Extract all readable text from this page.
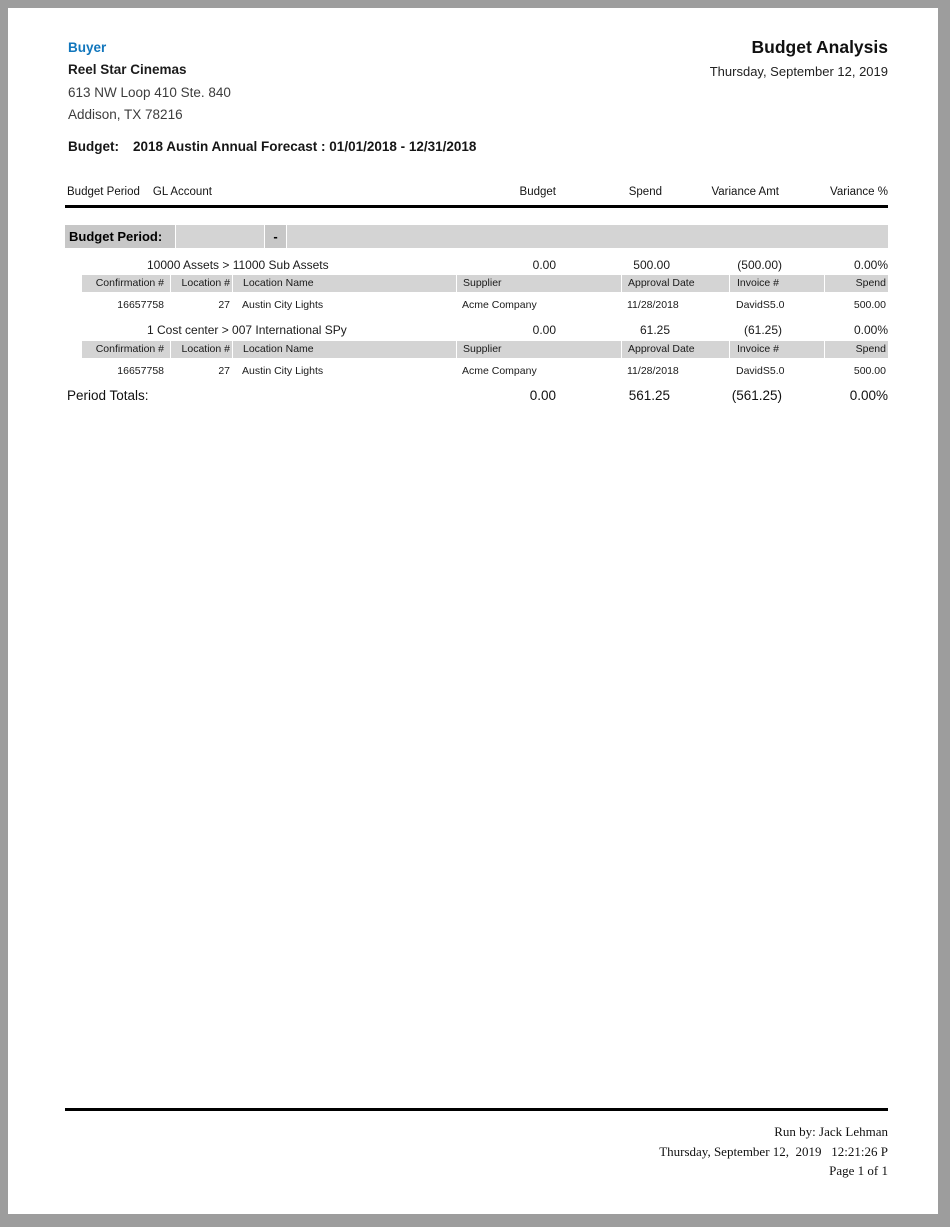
Buyer
Reel Star Cinemas
613 NW Loop 410 Ste. 840
Addison, TX 78216
Budget Analysis
Thursday, September 12, 2019
Budget: 2018 Austin Annual Forecast : 01/01/2018 - 12/31/2018
Budget Period GL Account	Budget	Spend	Variance Amt	Variance %
Budget Period:	-
10000 Assets > 11000 Sub Assets	0.00	500.00	(500.00)	0.00%
Confirmation #	Location #	Location Name	Supplier	Approval Date	Invoice #	Spend
16657758	27	Austin City Lights	Acme Company	11/28/2018	DavidS5.0	500.00
1 Cost center > 007 International SPy	0.00	61.25	(61.25)	0.00%
Confirmation #	Location #	Location Name	Supplier	Approval Date	Invoice #	Spend
16657758	27	Austin City Lights	Acme Company	11/28/2018	DavidS5.0	500.00
Period Totals:	0.00	561.25	(561.25)	0.00%
Run by: Jack Lehman
Thursday, September 12,  2019   12:21:26 P
Page 1 of 1
